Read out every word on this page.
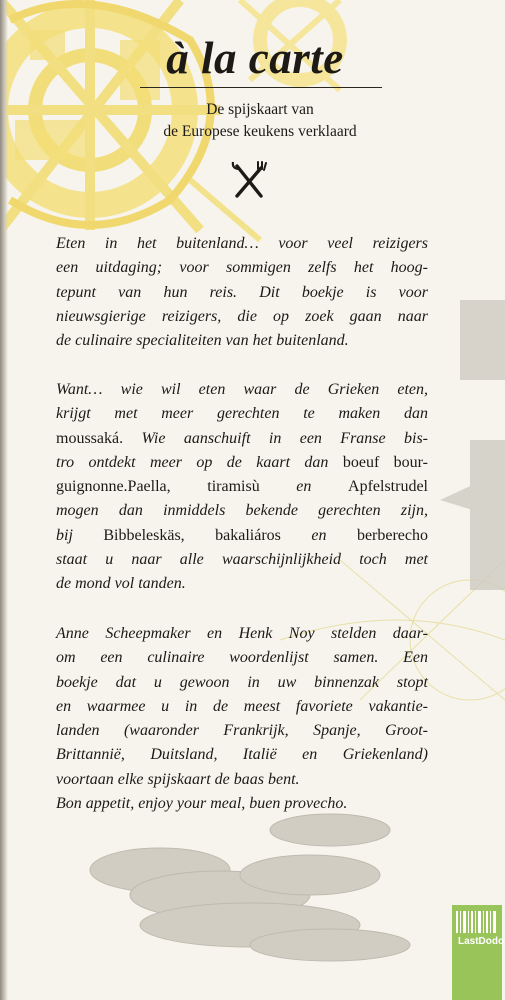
à la carte
De spijskaart van
de Europese keukens verklaard
Eten in het buitenland… voor veel reizigers
een uitdaging; voor sommigen zelfs het hoog-
tepunt van hun reis. Dit boekje is voor
nieuwsgierige reizigers, die op zoek gaan naar
de culinaire specialiteiten van het buitenland.
Want… wie wil eten waar de Grieken eten,
krijgt met meer gerechten te maken dan
moussaká. Wie aanschuift in een Franse bis-
tro ontdekt meer op de kaart dan boeuf bour-
guignonne.Paella, tiramisù en Apfelstrudel
mogen dan inmiddels bekende gerechten zijn,
bij Bibbeleskäs, bakaliáros en berberecho
staat u naar alle waarschijnlijkheid toch met
de mond vol tanden.
Anne Scheepmaker en Henk Noy stelden daar-
om een culinaire woordenlijst samen. Een
boekje dat u gewoon in uw binnenzak stopt
en waarmee u in de meest favoriete vakantie-
landen (waaronder Frankrijk, Spanje, Groot-
Brittannië, Duitsland, Italië en Griekenland)
voortaan elke spijskaart de baas bent.
Bon appetit, enjoy your meal, buen provecho.
LastDodo
